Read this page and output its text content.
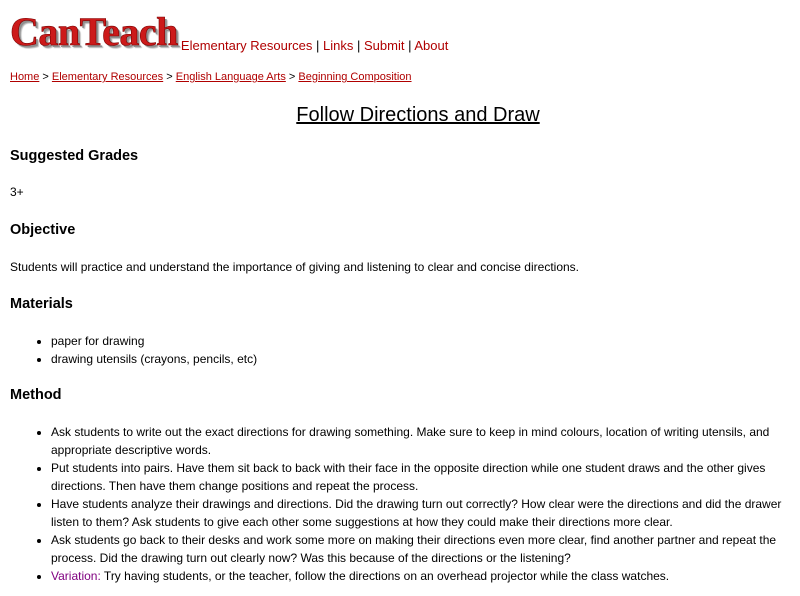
CanTeach Elementary Resources | Links | Submit | About
Home > Elementary Resources > English Language Arts > Beginning Composition
Follow Directions and Draw
Suggested Grades

3+

Objective

Students will practice and understand the importance of giving and listening to clear and concise directions.

Materials
• paper for drawing
• drawing utensils (crayons, pencils, etc)
Method
• Ask students to write out the exact directions for drawing something. Make sure to keep in mind colours, location of writing utensils, and appropriate descriptive words.
• Put students into pairs. Have them sit back to back with their face in the opposite direction while one student draws and the other gives directions. Then have them change positions and repeat the process.
• Have students analyze their drawings and directions. Did the drawing turn out correctly? How clear were the directions and did the drawer listen to them? Ask students to give each other some suggestions at how they could make their directions more clear.
• Ask students go back to their desks and work some more on making their directions even more clear, find another partner and repeat the process. Did the drawing turn out clearly now? Was this because of the directions or the listening?
• Variation: Try having students, or the teacher, follow the directions on an overhead projector while the class watches.
